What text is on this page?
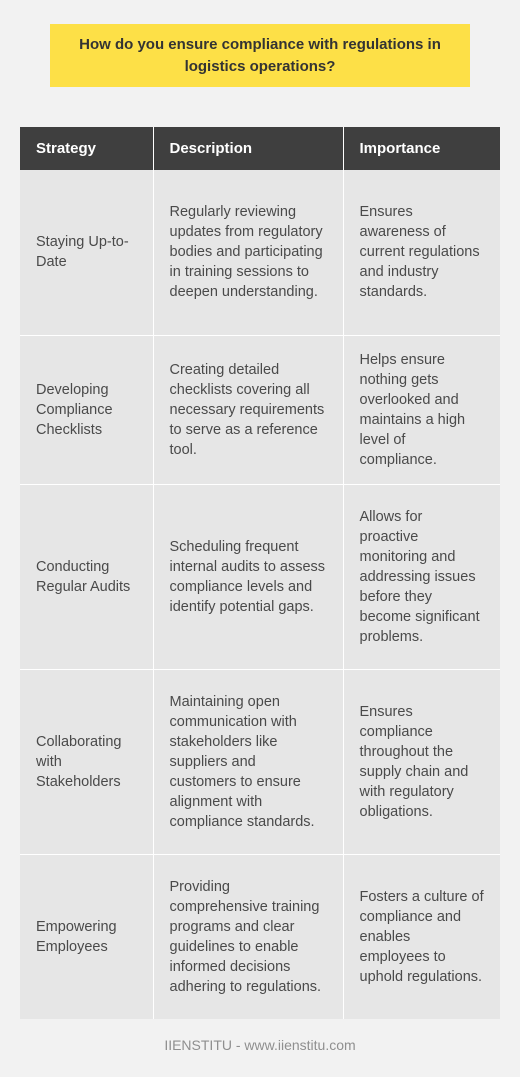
How do you ensure compliance with regulations in logistics operations?
Strategy	Description	Importance
Staying Up-to-Date	Regularly reviewing updates from regulatory bodies and participating in training sessions to deepen understanding.	Ensures awareness of current regulations and industry standards.
Developing Compliance Checklists	Creating detailed checklists covering all necessary requirements to serve as a reference tool.	Helps ensure nothing gets overlooked and maintains a high level of compliance.
Conducting Regular Audits	Scheduling frequent internal audits to assess compliance levels and identify potential gaps.	Allows for proactive monitoring and addressing issues before they become significant problems.
Collaborating with Stakeholders	Maintaining open communication with stakeholders like suppliers and customers to ensure alignment with compliance standards.	Ensures compliance throughout the supply chain and with regulatory obligations.
Empowering Employees	Providing comprehensive training programs and clear guidelines to enable informed decisions adhering to regulations.	Fosters a culture of compliance and enables employees to uphold regulations.
IIENSTITU - www.iienstitu.com
